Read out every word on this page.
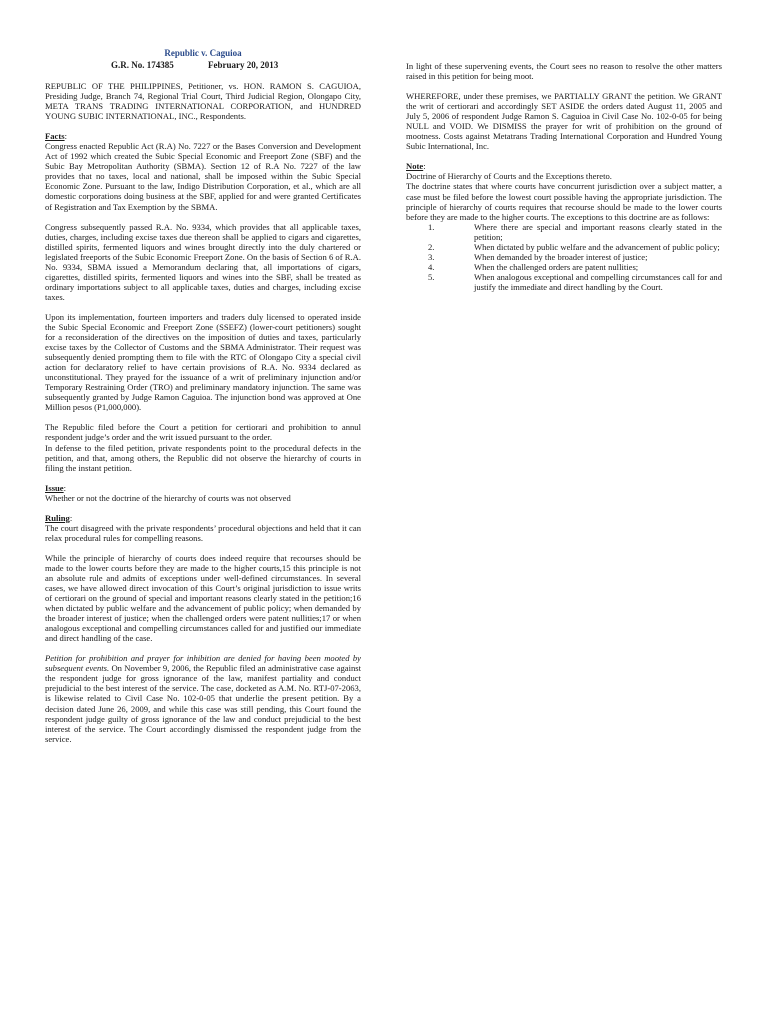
Republic v. Caguioa
G.R. No. 174385	February 20, 2013

REPUBLIC OF THE PHILIPPINES, Petitioner, vs. HON. RAMON S. CAGUIOA, Presiding Judge, Branch 74, Regional Trial Court, Third Judicial Region, Olongapo City, META TRANS TRADING INTERNATIONAL CORPORATION, and HUNDRED YOUNG SUBIC INTERNATIONAL, INC., Respondents.

Facts:

Congress enacted Republic Act (R.A) No. 7227 or the Bases Conversion and Development Act of 1992 which created the Subic Special Economic and Freeport Zone (SBF) and the Subic Bay Metropolitan Authority (SBMA). Section 12 of R.A No. 7227 of the law provides that no taxes, local and national, shall be imposed within the Subic Special Economic Zone. Pursuant to the law, Indigo Distribution Corporation, et al., which are all domestic corporations doing business at the SBF, applied for and were granted Certificates of Registration and Tax Exemption by the SBMA.

Congress subsequently passed R.A. No. 9334, which provides that all applicable taxes, duties, charges, including excise taxes due thereon shall be applied to cigars and cigarettes, distilled spirits, fermented liquors and wines brought directly into the duly chartered or legislated freeports of the Subic Economic Freeport Zone. On the basis of Section 6 of R.A. No. 9334, SBMA issued a Memorandum declaring that, all importations of cigars, cigarettes, distilled spirits, fermented liquors and wines into the SBF, shall be treated as ordinary importations subject to all applicable taxes, duties and charges, including excise taxes.

Upon its implementation, fourteen importers and traders duly licensed to operated inside the Subic Special Economic and Freeport Zone (SSEFZ) (lower-court petitioners) sought for a reconsideration of the directives on the imposition of duties and taxes, particularly excise taxes by the Collector of Customs and the SBMA Administrator. Their request was subsequently denied prompting them to file with the RTC of Olongapo City a special civil action for declaratory relief to have certain provisions of R.A. No. 9334 declared as unconstitutional. They prayed for the issuance of a writ of preliminary injunction and/or Temporary Restraining Order (TRO) and preliminary mandatory injunction. The same was subsequently granted by Judge Ramon Caguioa. The injunction bond was approved at One Million pesos (P1,000,000).

The Republic filed before the Court a petition for certiorari and prohibition to annul respondent judge’s order and the writ issued pursuant to the order.

In defense to the filed petition, private respondents point to the procedural defects in the petition, and that, among others, the Republic did not observe the hierarchy of courts in filing the instant petition.

Issue:

Whether or not the doctrine of the hierarchy of courts was not observed

Ruling:

The court disagreed with the private respondents’ procedural objections and held that it can relax procedural rules for compelling reasons.

While the principle of hierarchy of courts does indeed require that recourses should be made to the lower courts before they are made to the higher courts,15 this principle is not an absolute rule and admits of exceptions under well-defined circumstances. In several cases, we have allowed direct invocation of this Court’s original jurisdiction to issue writs of certiorari on the ground of special and important reasons clearly stated in the petition;16 when dictated by public welfare and the advancement of public policy; when demanded by the broader interest of justice; when the challenged orders were patent nullities;17 or when analogous exceptional and compelling circumstances called for and justified our immediate and direct handling of the case.

Petition for prohibition and prayer for inhibition are denied for having been mooted by subsequent events. On November 9, 2006, the Republic filed an administrative case against the respondent judge for gross ignorance of the law, manifest partiality and conduct prejudicial to the best interest of the service. The case, docketed as A.M. No. RTJ-07-2063, is likewise related to Civil Case No. 102-0-05 that underlie the present petition. By a decision dated June 26, 2009, and while this case was still pending, this Court found the respondent judge guilty of gross ignorance of the law and conduct prejudicial to the best interest of the service. The Court accordingly dismissed the respondent judge from the service.

In light of these supervening events, the Court sees no reason to resolve the other matters raised in this petition for being moot.

WHEREFORE, under these premises, we PARTIALLY GRANT the petition. We GRANT the writ of certiorari and accordingly SET ASIDE the orders dated August 11, 2005 and July 5, 2006 of respondent Judge Ramon S. Caguioa in Civil Case No. 102-0-05 for being NULL and VOID. We DISMISS the prayer for writ of prohibition on the ground of mootness. Costs against Metatrans Trading International Corporation and Hundred Young Subic International, Inc.

Note:

Doctrine of Hierarchy of Courts and the Exceptions thereto.

The doctrine states that where courts have concurrent jurisdiction over a subject matter, a case must be filed before the lowest court possible having the appropriate jurisdiction. The principle of hierarchy of courts requires that recourse should be made to the lower courts before they are made to the higher courts. The exceptions to this doctrine are as follows:

1.	Where there are special and important reasons clearly stated in the petition;
2.	When dictated by public welfare and the advancement of public policy;
3.	When demanded by the broader interest of justice;
4.	When the challenged orders are patent nullities;
5.	When analogous exceptional and compelling circumstances call for and justify the immediate and direct handling by the Court.
